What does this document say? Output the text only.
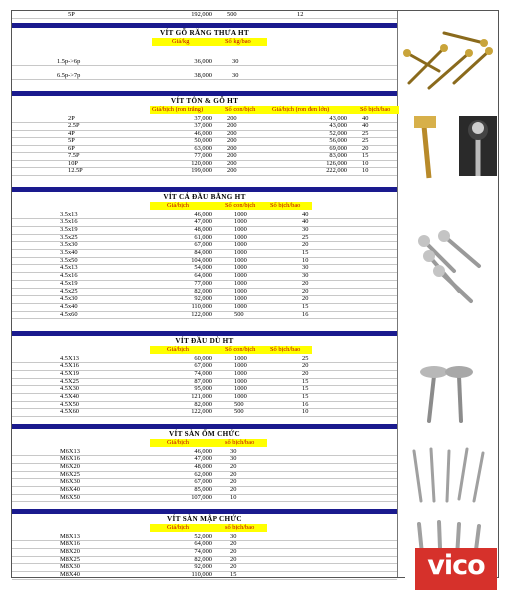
5P	192,000 500	12
VÍT GỖ RĂNG THƯA HT
Giá/kg	Số kg/bao
1.5p->6p	36,000	30
6.5p->7p	38,000	30
VÍT TÔN & GỖ HT
Giá/bịch (ron trắng)	Số con/bịch	Giá/bịch (ron đen lớn)	Số bịch/bao
2P	37,000 200	43,000 40
2.5P	37,000 200	43,000 40
4P	46,000 200	52,000 25
5P	50,000 200	56,000 25
6P	63,000 200	69,000 20
7.5P	77,000 200	83,000 15
10P	120,000 200	126,000 10
12.5P	199,000 200	222,000 10
VÍT CÁ ĐẦU BẰNG HT
Giá/bịch	Số con/bịch Số bịch/bao
3.5x13	46,000	1000	40
3.5x16	47,000	1000	40
3.5x19	48,000	1000	30
3.5x25	61,000	1000	25
3.5x30	67,000	1000	20
3.5x40	84,000	1000	15
3.5x50	104,000	1000	10
4.5x13	54,000	1000	30
4.5x16	64,000	1000	30
4.5x19	77,000	1000	20
4.5x25	82,000	1000	20
4.5x30	92,000	1000	20
4.5x40	110,000	1000	15
4.5x60	122,000	500	16
VÍT ĐẦU DÙ HT
Giá/bịch	Số con/bịch Số bịch/bao
4.5X13	60,000	1000	25
4.5X16	67,000	1000	20
4.5X19	74,000	1000	20
4.5X25	87,000	1000	15
4.5X30	95,000	1000	15
4.5X40	121,000	1000	15
4.5X50	82,000	500	16
4.5X60	122,000	500	10
VÍT SÀN ỐM CHỨC
Giá/bịch	số bịch/bao
M6X13	46,000	30
M6X16	47,000	30
M6X20	48,000	20
M6X25	62,000	20
M6X30	67,000	20
M6X40	85,000	20
M6X50	107,000	10
VÍT SÀN MẬP CHỨC
Giá/bịch	số bịch/bao
M8X13	52,000	30
M8X16	64,000	20
M8X20	74,000	20
M8X25	82,000	20
M8X30	92,000	20
M8X40	110,000	15	vico
